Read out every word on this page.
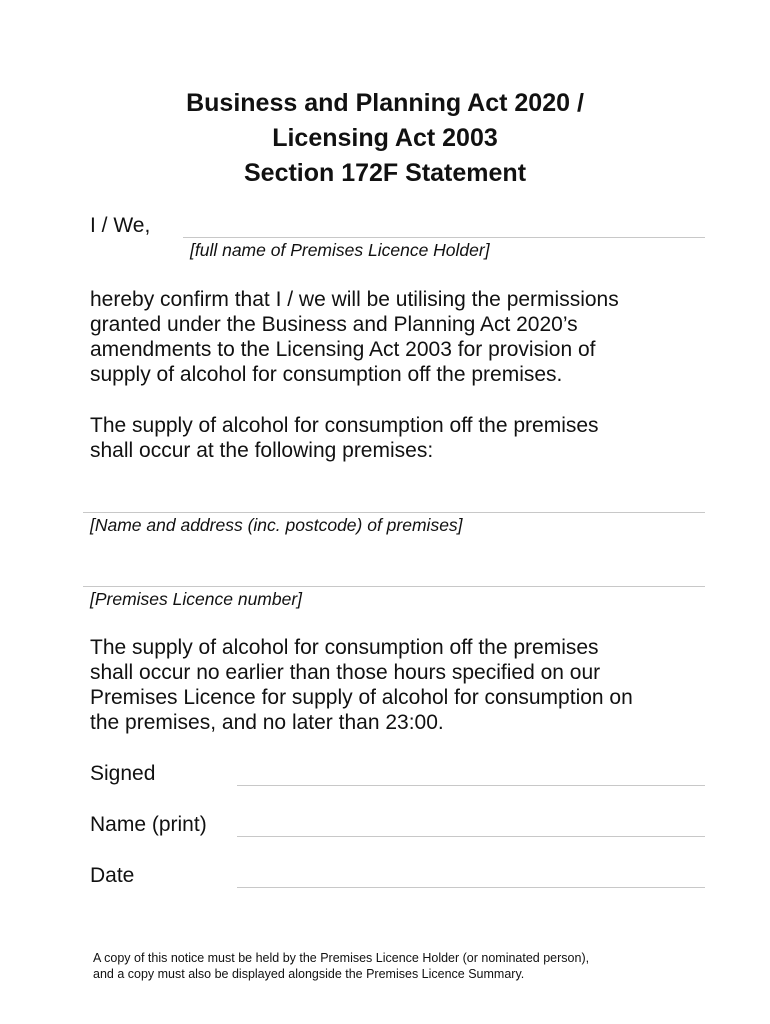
Business and Planning Act 2020 /
Licensing Act 2003
Section 172F Statement
I / We,
[full name of Premises Licence Holder]
hereby confirm that I / we will be utilising the permissions
granted under the Business and Planning Act 2020’s
amendments to the Licensing Act 2003 for provision of
supply of alcohol for consumption off the premises.
The supply of alcohol for consumption off the premises
shall occur at the following premises:
[Name and address (inc. postcode) of premises]
[Premises Licence number]
The supply of alcohol for consumption off the premises
shall occur no earlier than those hours specified on our
Premises Licence for supply of alcohol for consumption on
the premises, and no later than 23:00.
Signed
Name (print)
Date
A copy of this notice must be held by the Premises Licence Holder (or nominated person),
and a copy must also be displayed alongside the Premises Licence Summary.
